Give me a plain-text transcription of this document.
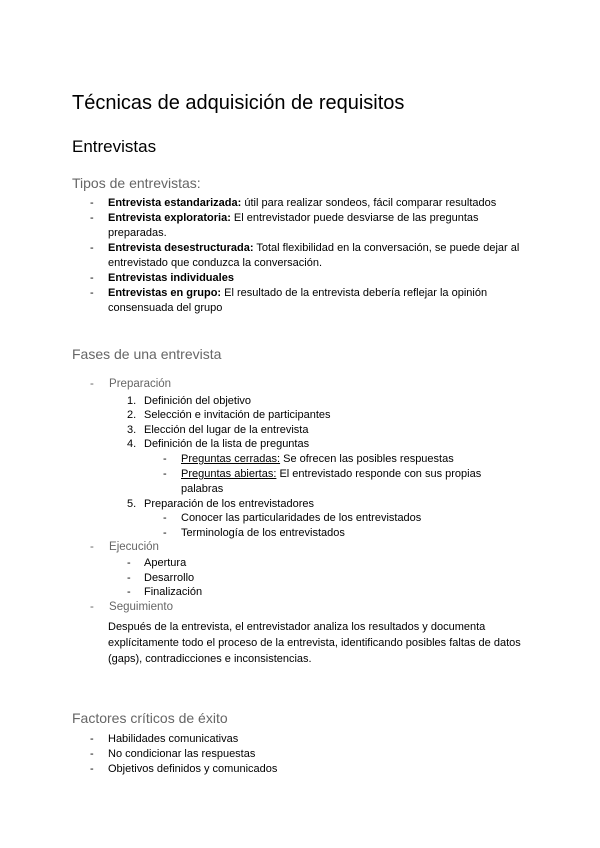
Técnicas de adquisición de requisitos
Entrevistas
Tipos de entrevistas:
- Entrevista estandarizada: útil para realizar sondeos, fácil comparar resultados
- Entrevista exploratoria: El entrevistador puede desviarse de las preguntas preparadas.
- Entrevista desestructurada: Total flexibilidad en la conversación, se puede dejar al entrevistado que conduzca la conversación.
- Entrevistas individuales
- Entrevistas en grupo: El resultado de la entrevista debería reflejar la opinión consensuada del grupo
Fases de una entrevista
- Preparación
1. Definición del objetivo
2. Selección e invitación de participantes
3. Elección del lugar de la entrevista
4. Definición de la lista de preguntas
- Preguntas cerradas: Se ofrecen las posibles respuestas
- Preguntas abiertas: El entrevistado responde con sus propias palabras
5. Preparación de los entrevistadores
- Conocer las particularidades de los entrevistados
- Terminología de los entrevistados
- Ejecución
- Apertura
- Desarrollo
- Finalización
- Seguimiento
Después de la entrevista, el entrevistador analiza los resultados y documenta explícitamente todo el proceso de la entrevista, identificando posibles faltas de datos (gaps), contradicciones e inconsistencias.
Factores críticos de éxito
- Habilidades comunicativas
- No condicionar las respuestas
- Objetivos definidos y comunicados
